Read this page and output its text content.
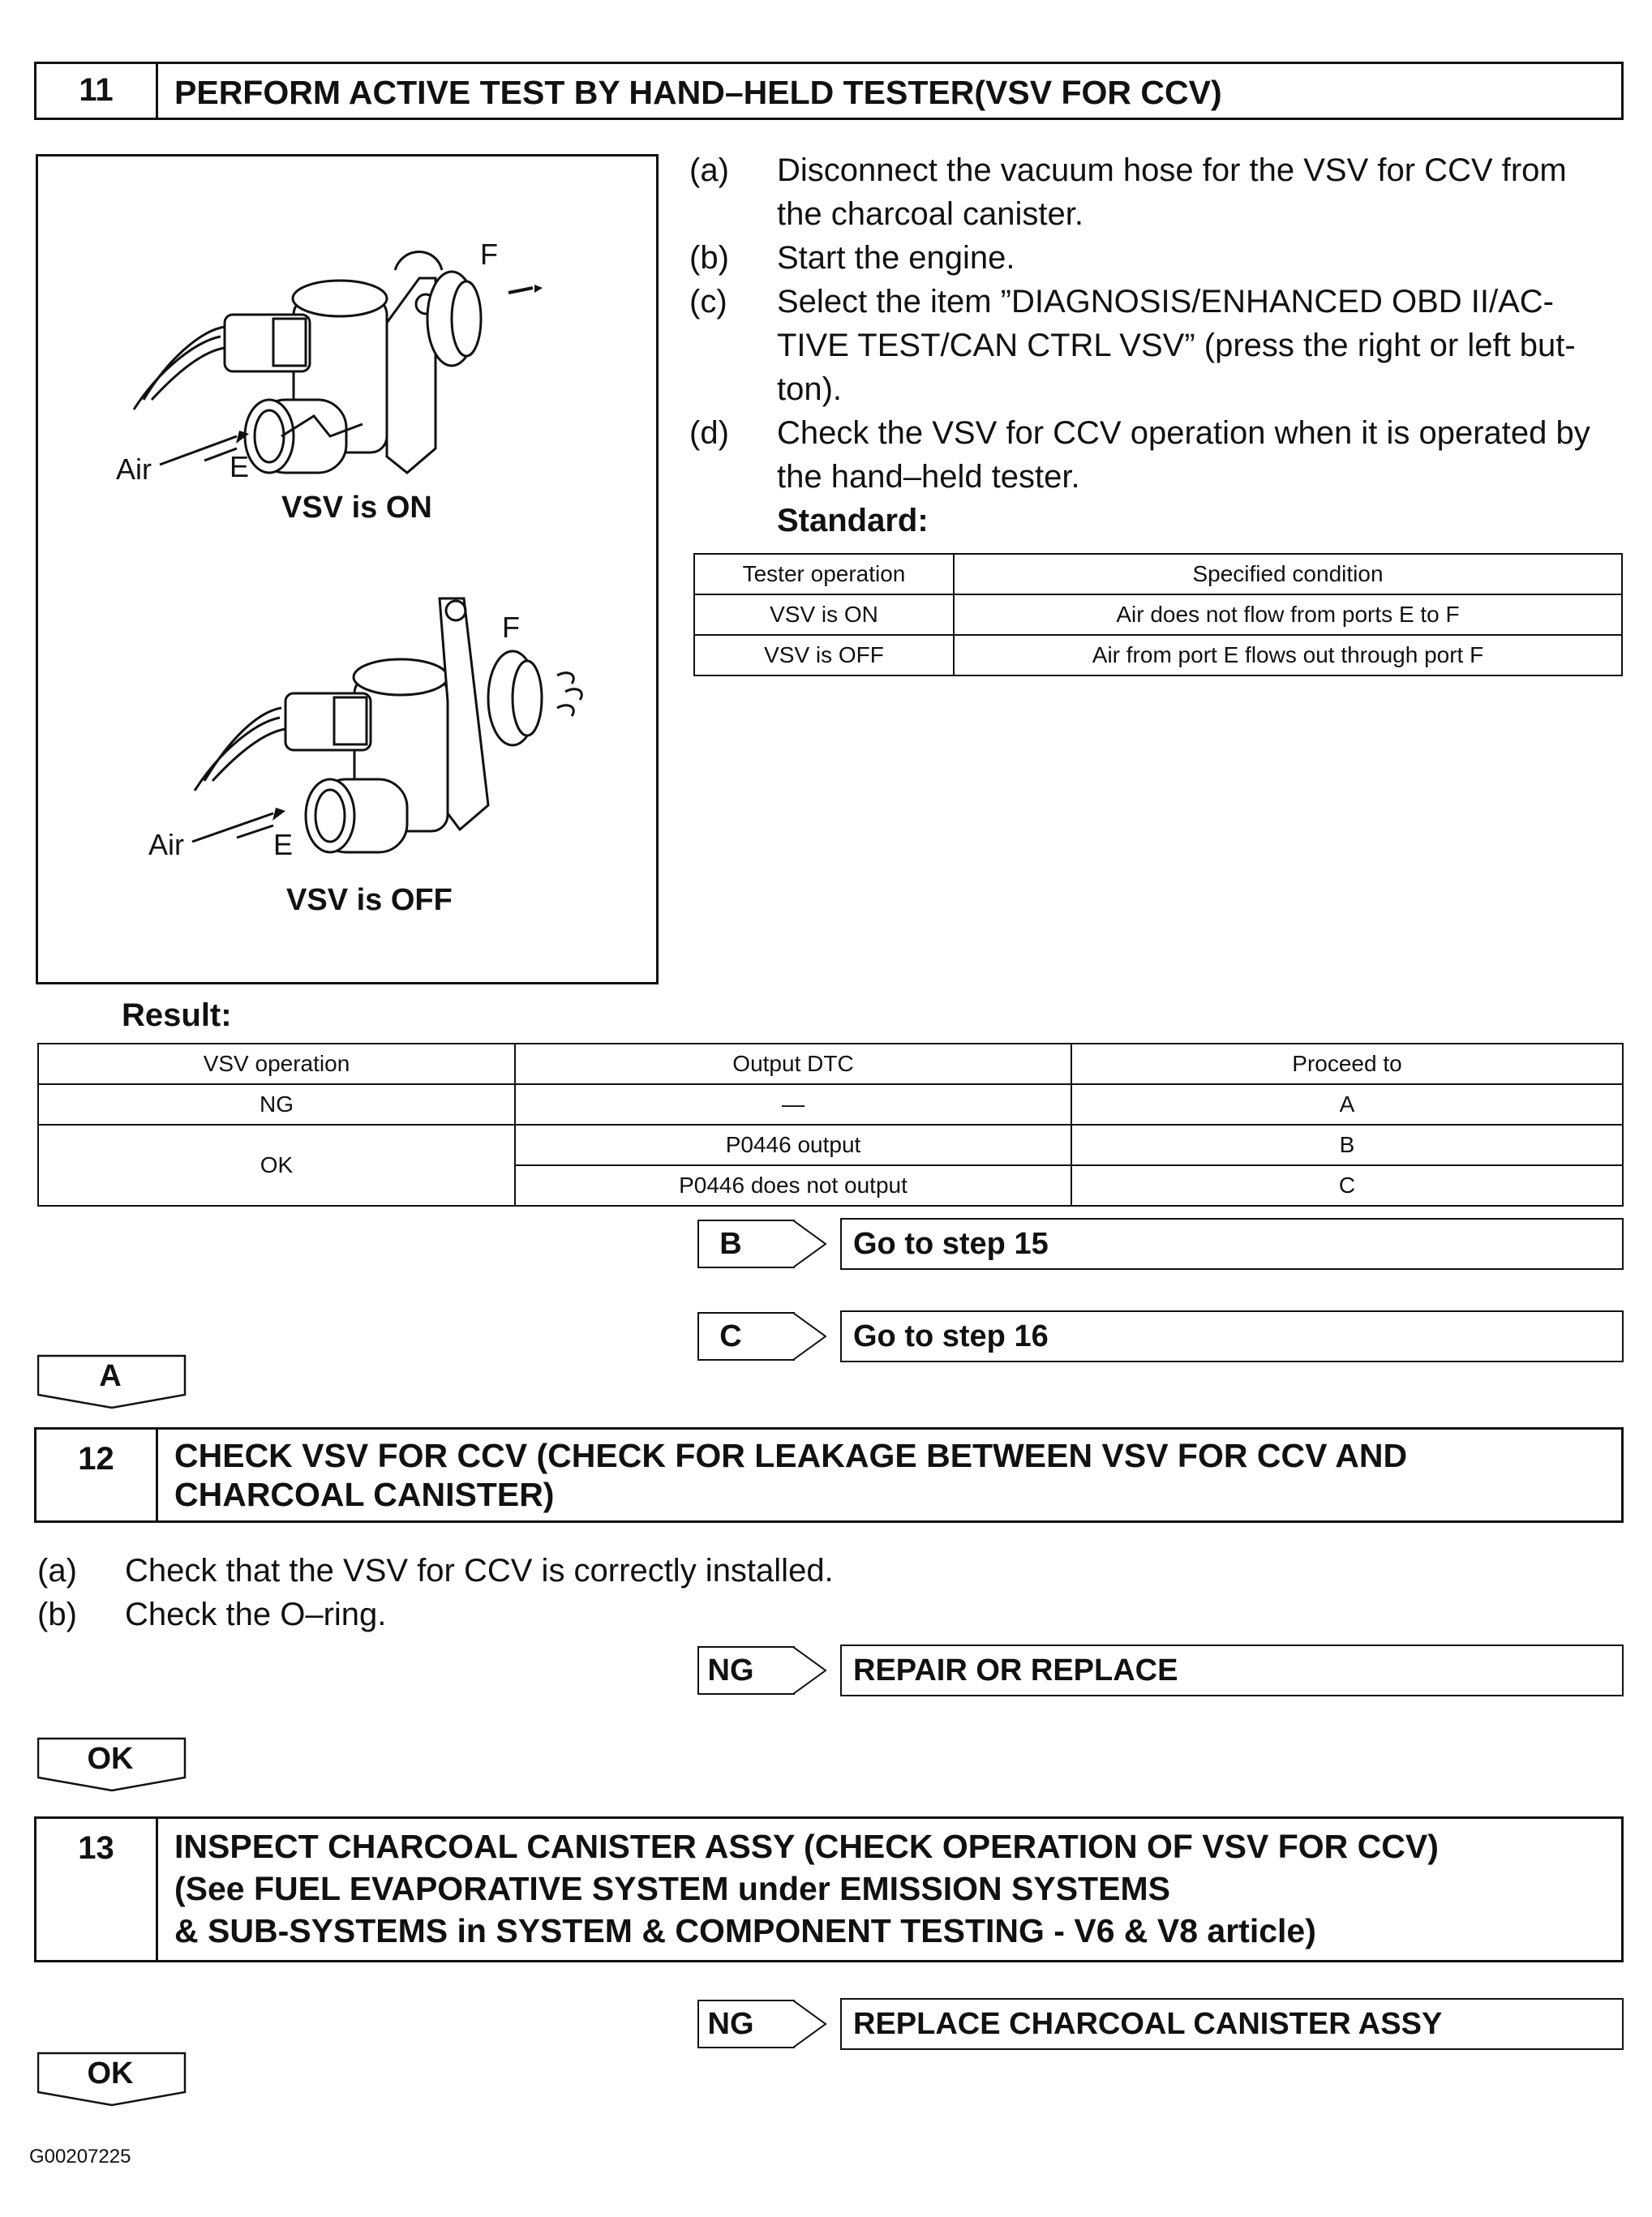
11	PERFORM ACTIVE TEST BY HAND–HELD TESTER(VSV FOR CCV)
F
Air	E
VSV is ON
F
Air	E
VSV is OFF
(a) Disconnect the vacuum hose for the VSV for CCV from
the charcoal canister.
(b) Start the engine.
(c) Select the item ”DIAGNOSIS/ENHANCED OBD II/AC-
TIVE TEST/CAN CTRL VSV” (press the right or left but-
ton).
(d) Check the VSV for CCV operation when it is operated by
the hand–held tester.
Standard:
Tester operation	Specified condition
VSV is ON	Air does not flow from ports E to F
VSV is OFF	Air from port E flows out through port F
Result:
VSV operation	Output DTC	Proceed to
NG	—	A
OK	P0446 output	B
	P0446 does not output	C
B	Go to step 15
C	Go to step 16
A
12	CHECK VSV FOR CCV (CHECK FOR LEAKAGE BETWEEN VSV FOR CCV AND
CHARCOAL CANISTER)
(a) Check that the VSV for CCV is correctly installed.
(b) Check the O–ring.
NG	REPAIR OR REPLACE
OK
13	INSPECT CHARCOAL CANISTER ASSY (CHECK OPERATION OF VSV FOR CCV)
(See FUEL EVAPORATIVE SYSTEM under EMISSION SYSTEMS
& SUB-SYSTEMS in SYSTEM & COMPONENT TESTING - V6 & V8 article)
NG	REPLACE CHARCOAL CANISTER ASSY
OK
G00207225
